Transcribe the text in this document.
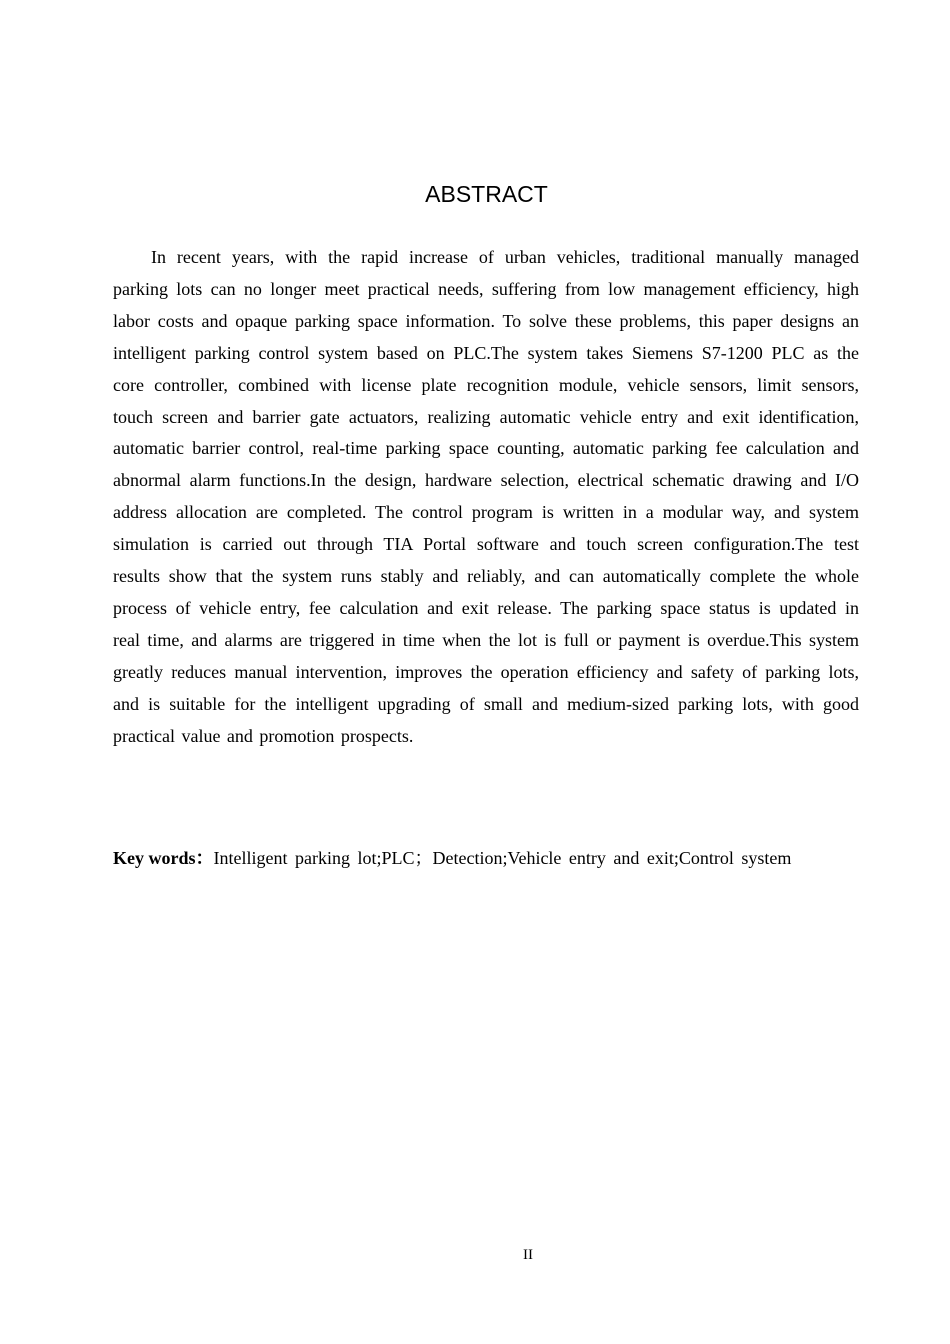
ABSTRACT

In recent years, with the rapid increase of urban vehicles, traditional manually managed parking lots can no longer meet practical needs, suffering from low management efficiency, high labor costs and opaque parking space information. To solve these problems, this paper designs an intelligent parking control system based on PLC.The system takes Siemens S7-1200 PLC as the core controller, combined with license plate recognition module, vehicle sensors, limit sensors, touch screen and barrier gate actuators, realizing automatic vehicle entry and exit identification, automatic barrier control, real-time parking space counting, automatic parking fee calculation and abnormal alarm functions.In the design, hardware selection, electrical schematic drawing and I/O address allocation are completed. The control program is written in a modular way, and system simulation is carried out through TIA Portal software and touch screen configuration.The test results show that the system runs stably and reliably, and can automatically complete the whole process of vehicle entry, fee calculation and exit release. The parking space status is updated in real time, and alarms are triggered in time when the lot is full or payment is overdue.This system greatly reduces manual intervention, improves the operation efficiency and safety of parking lots, and is suitable for the intelligent upgrading of small and medium-sized parking lots, with good practical value and promotion prospects.

Key words：Intelligent parking lot;PLC；Detection;Vehicle entry and exit;Control system

II
